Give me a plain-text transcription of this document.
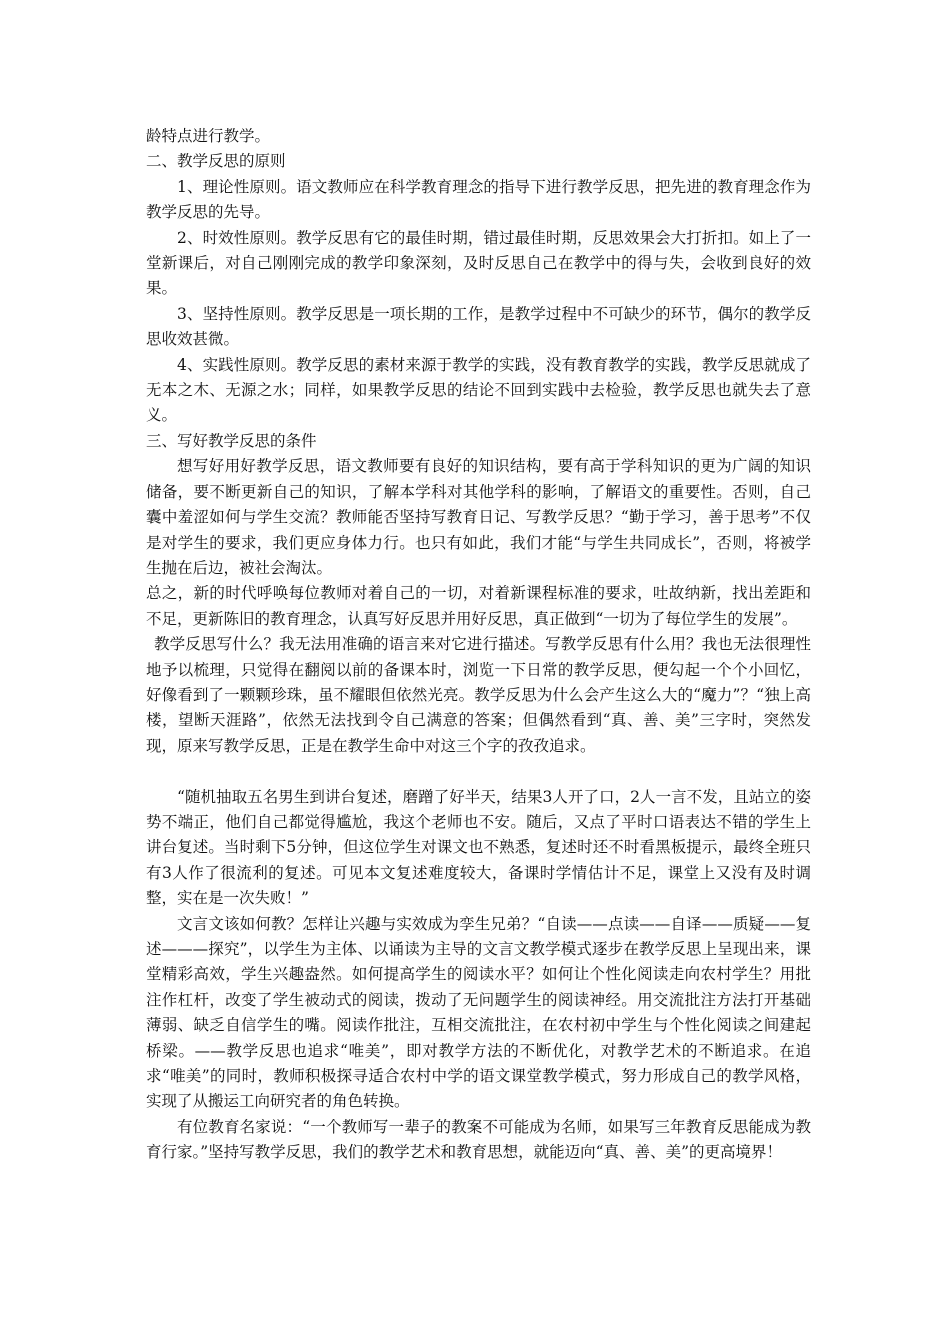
龄特点进行教学。

二、教学反思的原则

1、理论性原则。语文教师应在科学教育理念的指导下进行教学反思，把先进的教育理念作为教学反思的先导。

2、时效性原则。教学反思有它的最佳时期，错过最佳时期，反思效果会大打折扣。如上了一堂新课后，对自己刚刚完成的教学印象深刻，及时反思自己在教学中的得与失，会收到良好的效果。

3、坚持性原则。教学反思是一项长期的工作，是教学过程中不可缺少的环节，偶尔的教学反思收效甚微。

4、实践性原则。教学反思的素材来源于教学的实践，没有教育教学的实践，教学反思就成了无本之木、无源之水；同样，如果教学反思的结论不回到实践中去检验，教学反思也就失去了意义。

三、写好教学反思的条件

想写好用好教学反思，语文教师要有良好的知识结构，要有高于学科知识的更为广阔的知识储备，要不断更新自己的知识，了解本学科对其他学科的影响，了解语文的重要性。否则，自己囊中羞涩如何与学生交流？教师能否坚持写教育日记、写教学反思？“勤于学习，善于思考”不仅是对学生的要求，我们更应身体力行。也只有如此，我们才能“与学生共同成长”，否则，将被学生抛在后边，被社会淘汰。

总之，新的时代呼唤每位教师对着自己的一切，对着新课程标准的要求，吐故纳新，找出差距和不足，更新陈旧的教育理念，认真写好反思并用好反思，真正做到“一切为了每位学生的发展”。

教学反思写什么？我无法用准确的语言来对它进行描述。写教学反思有什么用？我也无法很理性地予以梳理，只觉得在翻阅以前的备课本时，浏览一下日常的教学反思，便勾起一个个小回忆，好像看到了一颗颗珍珠，虽不耀眼但依然光亮。教学反思为什么会产生这么大的“魔力”？“独上高楼，望断天涯路”，依然无法找到令自己满意的答案；但偶然看到“真、善、美”三字时，突然发现，原来写教学反思，正是在教学生命中对这三个字的孜孜追求。

“随机抽取五名男生到讲台复述，磨蹭了好半天，结果3人开了口，2人一言不发，且站立的姿势不端正，他们自己都觉得尴尬，我这个老师也不安。随后，又点了平时口语表达不错的学生上讲台复述。当时剩下5分钟，但这位学生对课文也不熟悉，复述时还不时看黑板提示，最终全班只有3人作了很流利的复述。可见本文复述难度较大，备课时学情估计不足，课堂上又没有及时调整，实在是一次失败！”

文言文该如何教？怎样让兴趣与实效成为孪生兄弟？“自读——点读——自译——质疑——复述———探究”，以学生为主体、以诵读为主导的文言文教学模式逐步在教学反思上呈现出来，课堂精彩高效，学生兴趣盎然。如何提高学生的阅读水平？如何让个性化阅读走向农村学生？用批注作杠杆，改变了学生被动式的阅读，拨动了无问题学生的阅读神经。用交流批注方法打开基础薄弱、缺乏自信学生的嘴。阅读作批注，互相交流批注，在农村初中学生与个性化阅读之间建起桥梁。——教学反思也追求“唯美”，即对教学方法的不断优化，对教学艺术的不断追求。在追求“唯美”的同时，教师积极探寻适合农村中学的语文课堂教学模式，努力形成自己的教学风格，实现了从搬运工向研究者的角色转换。

有位教育名家说：“一个教师写一辈子的教案不可能成为名师，如果写三年教育反思能成为教育行家。”坚持写教学反思，我们的教学艺术和教育思想，就能迈向“真、善、美”的更高境界！
